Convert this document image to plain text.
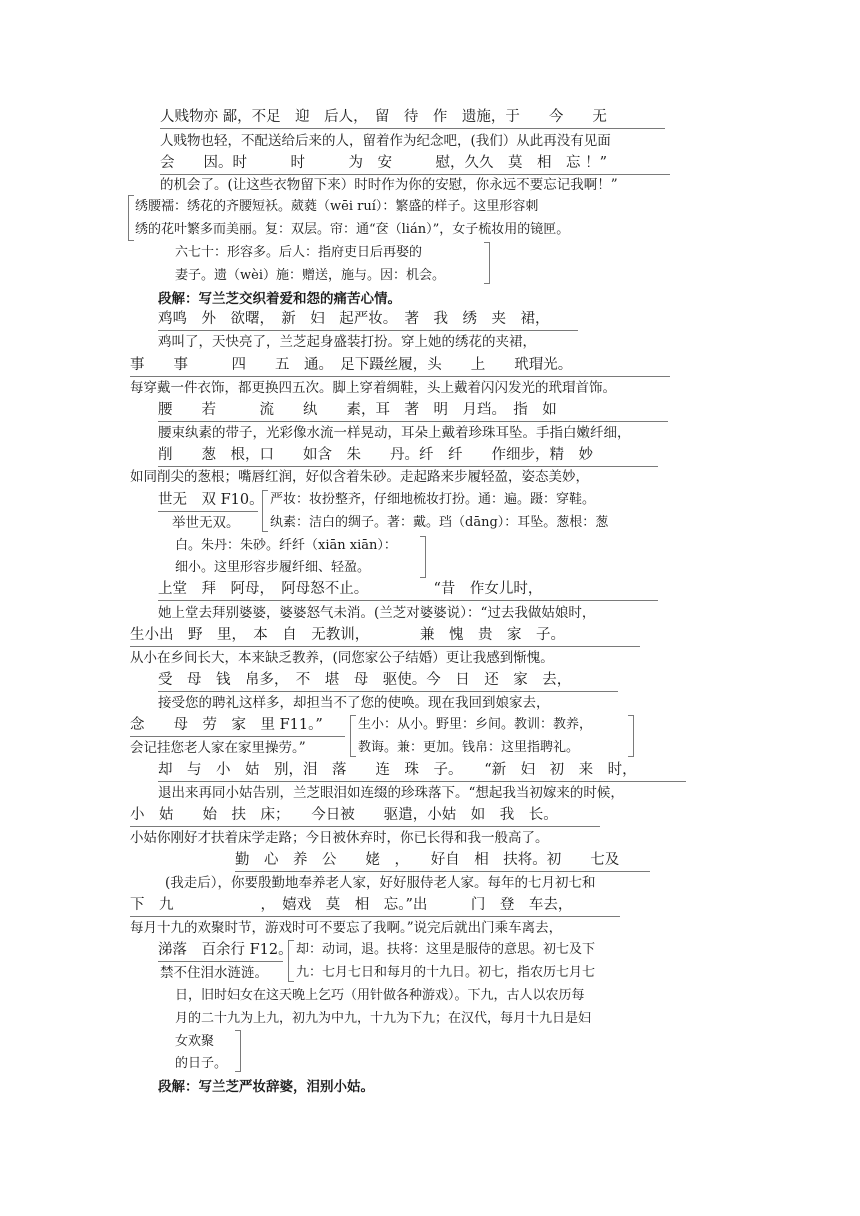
人贱物亦 鄙，不足　迎　后人，　留　待　作　遗施，于　　今　　无
人贱物也轻，不配送给后来的人，留着作为纪念吧，(我们）从此再没有见面
会　　因。时　　　时　　　为　安　　　慰，久久　莫　相　忘 ！”
的机会了。(让这些衣物留下来）时时作为你的安慰，你永远不要忘记我啊！”
绣腰襦：绣花的齐腰短袄。葳蕤（wēi ruí）：繁盛的样子。这里形容刺
绣的花叶繁多而美丽。复：双层。帘：通“奁（lián）”，女子梳妆用的镜匣。
六七十：形容多。后人：指府吏日后再娶的
妻子。遗（wèi）施：赠送，施与。因：机会。
段解：写兰芝交织着爱和怨的痛苦心情。
鸡鸣　外　欲曙，　新　妇　起严妆。　著　我　绣　夹　裙，
鸡叫了，天快亮了，兰芝起身盛装打扮。穿上她的绣花的夹裙，
事　　事　　　四　　五　通。　足下蹑丝履，头　　上　　玳瑁光。
每穿戴一件衣饰，都更换四五次。脚上穿着绸鞋，头上戴着闪闪发光的玳瑁首饰。
腰　　若　　　流　　纨　　素，耳　著　明　月珰。　指　如
腰束纨素的带子，光彩像水流一样晃动，耳朵上戴着珍珠耳坠。手指白嫩纤细，
削　　葱　根，口　　如含　朱　　丹。纤　纤　　作细步，精　妙
如同削尖的葱根；嘴唇红润，好似含着朱砂。走起路来步履轻盈，姿态美妙，
世无　双 F10。 严妆：妆扮整齐，仔细地梳妆打扮。通：遍。蹑：穿鞋。
举世无双。 纨素：洁白的绸子。著：戴。珰（dāng）：耳坠。葱根：葱
白。朱丹：朱砂。纤纤（xiān xiān）：
细小。这里形容步履纤细、轻盈。
上堂　拜　阿母，　阿母怒不止。　　　　　“昔　作女儿时，
她上堂去拜别婆婆，婆婆怒气未消。(兰芝对婆婆说）：“过去我做姑娘时，
生小出　野　里，　本　自　无教训，　　　　兼　愧　贵　家　子。
从小在乡间长大，本来缺乏教养，(同您家公子结婚）更让我感到惭愧。
受　母　钱　帛多，　不　堪　母　驱使。今　日　还　家　去，
接受您的聘礼这样多，却担当不了您的使唤。现在我回到娘家去，
念　　母　劳　家　里 F11。”	生小：从小。野里：乡间。教训：教养，
会记挂您老人家在家里操劳。”	教诲。兼：更加。钱帛：这里指聘礼。
却　与　小　姑　别，泪　落　　连　珠　子。　　“新　妇　初　来　时，
退出来再同小姑告别，兰芝眼泪如连缀的珍珠落下。“想起我当初嫁来的时候，
小　姑　　始　扶　床；　　今日被　　驱遣，小姑　如　我　长。
小姑你刚好才扶着床学走路；今日被休弃时，你已长得和我一般高了。
勤　心　养　公　　姥　，　　好自　相　扶将。初　　七及
(我走后），你要殷勤地奉养老人家，好好服侍老人家。每年的七月初七和
下　九　　　　　　，　嬉戏　莫　相　忘。”出　　　门　登　车去，
每月十九的欢聚时节，游戏时可不要忘了我啊。”说完后就出门乘车离去，
涕落　百余行 F12。 却：动词，退。扶将：这里是服侍的意思。初七及下
禁不住泪水涟涟。 九：七月七日和每月的十九日。初七，指农历七月七
日，旧时妇女在这天晚上乞巧（用针做各种游戏）。下九，古人以农历每
月的二十九为上九，初九为中九，十九为下九；在汉代，每月十九日是妇
女欢聚
的日子。
段解：写兰芝严妆辞婆，泪别小姑。
